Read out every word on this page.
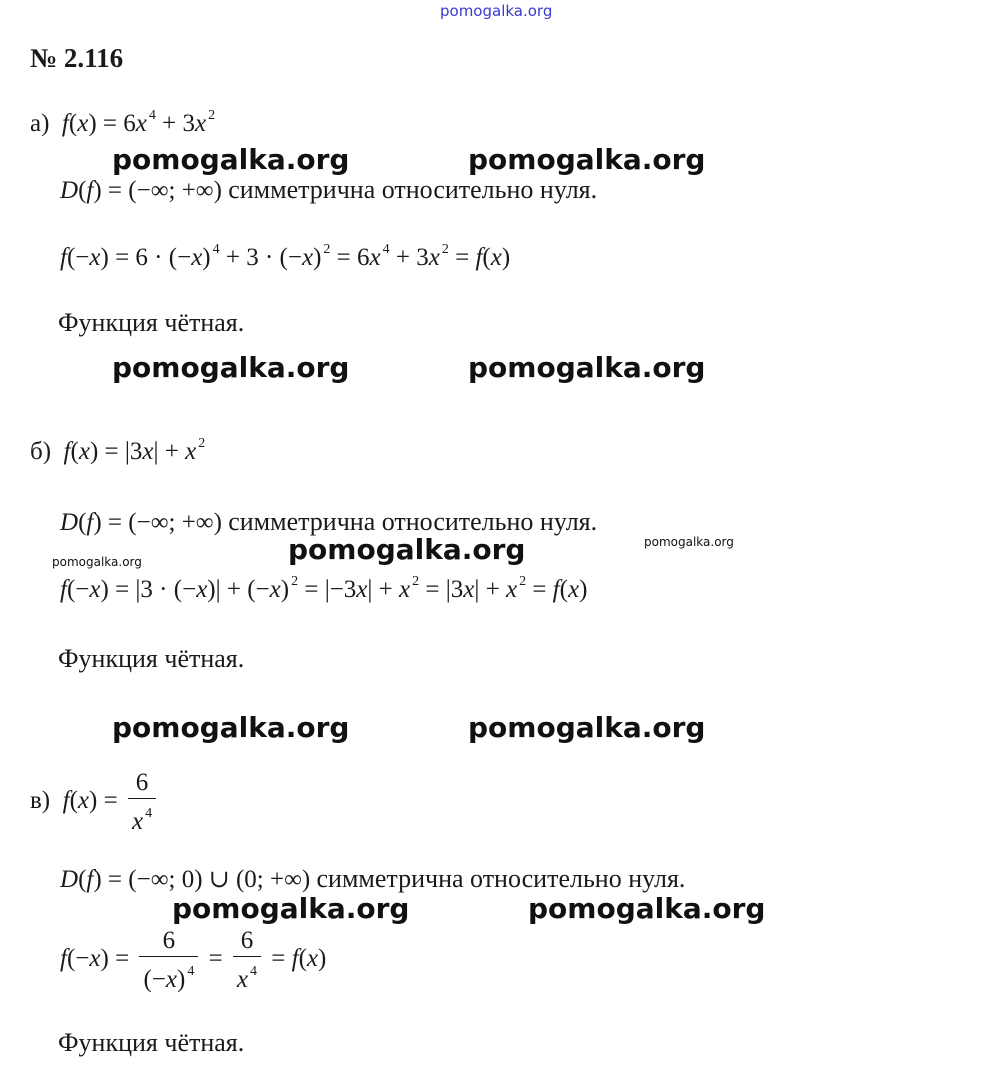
pomogalka.org
№ 2.116
а) f(x) = 6x $^4$ + 3x $^2$
pomogalka.org	pomogalka.org
D(f) = (−∞; +∞) симметрична относительно нуля.
f(−x) = 6 · (−x) $^4$ + 3 · (−x) $^2$ = 6x $^4$ + 3x $^2$ = f(x)
Функция чётная.
pomogalka.org	pomogalka.org
б) f(x) = |3x| + x $^2$
D(f) = (−∞; +∞) симметрична относительно нуля.
pomogalka.org
pomogalka.org
pomogalka.org
f(−x) = |3 · (−x)| + (−x) $^2$ = |−3x| + x $^2$ = |3x| + x $^2$ = f(x)
Функция чётная.
pomogalka.org	pomogalka.org
в) $f(x) = \frac{6}{x ^4}$
D(f) = (−∞; 0) ∪ (0; +∞) симметрична относительно нуля.
pomogalka.org	pomogalka.org
$f(-x) = \frac{6}{(-x) ^4} = \frac{6}{x ^4} = f(x)$
Функция чётная.
